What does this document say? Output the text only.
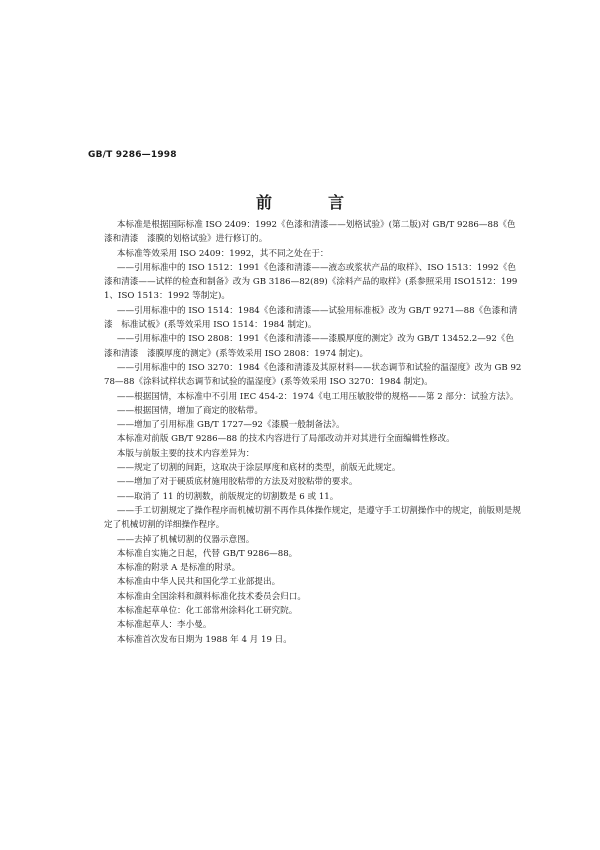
GB/T 9286—1998
前　言

本标准是根据国际标准 ISO 2409：1992《色漆和清漆——划格试验》(第二版)对 GB/T 9286—88《色漆和清漆　漆膜的划格试验》进行修订的。

本标准等效采用 ISO 2409：1992，其不同之处在于：

——引用标准中的 ISO 1512：1991《色漆和清漆——液态或浆状产品的取样》、ISO 1513：1992《色漆和清漆——试样的检查和制备》改为 GB 3186—82(89)《涂料产品的取样》(系参照采用 ISO1512：1991、ISO 1513：1992 等制定)。

——引用标准中的 ISO 1514：1984《色漆和清漆——试验用标准板》改为 GB/T 9271—88《色漆和清漆　标准试板》(系等效采用 ISO 1514：1984 制定)。

——引用标准中的 ISO 2808：1991《色漆和清漆——漆膜厚度的测定》改为 GB/T 13452.2—92《色漆和清漆　漆膜厚度的测定》(系等效采用 ISO 2808：1974 制定)。

——引用标准中的 ISO 3270：1984《色漆和清漆及其原材料——状态调节和试验的温湿度》改为 GB 9278—88《涂料试样状态调节和试验的温湿度》(系等效采用 ISO 3270：1984 制定)。

——根据国情，本标准中不引用 IEC 454-2：1974《电工用压敏胶带的规格——第 2 部分：试验方法》。

——根据国情，增加了商定的胶粘带。

——增加了引用标准 GB/T 1727—92《漆膜一般制备法》。

本标准对前版 GB/T 9286—88 的技术内容进行了局部改动并对其进行全面编辑性修改。

本版与前版主要的技术内容差异为：

——规定了切割的间距，这取决于涂层厚度和底材的类型，前版无此规定。

——增加了对于硬质底材施用胶粘带的方法及对胶粘带的要求。

——取消了 11 的切割数，前版规定的切割数是 6 或 11。

——手工切割规定了操作程序而机械切割不再作具体操作规定，是遵守手工切割操作中的规定，前版则是规定了机械切割的详细操作程序。

——去掉了机械切割的仪器示意图。

本标准自实施之日起，代替 GB/T 9286—88。

本标准的附录 A 是标准的附录。

本标准由中华人民共和国化学工业部提出。

本标准由全国涂料和颜料标准化技术委员会归口。

本标准起草单位：化工部常州涂料化工研究院。

本标准起草人：李小曼。

本标准首次发布日期为 1988 年 4 月 19 日。
